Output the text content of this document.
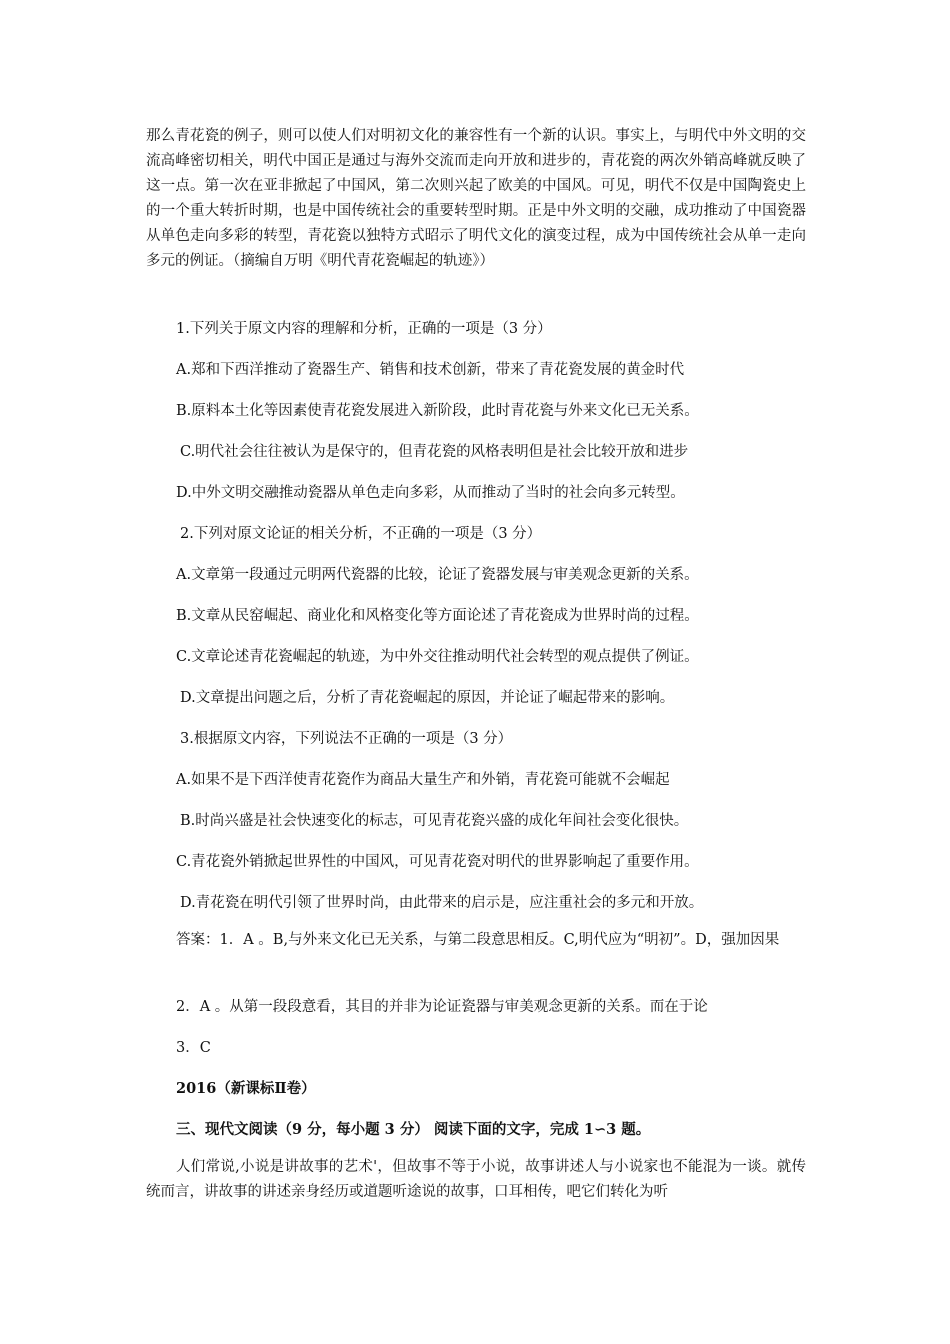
那么青花瓷的例子，则可以使人们对明初文化的兼容性有一个新的认识。事实上，与明代中外文明的交流高峰密切相关，明代中国正是通过与海外交流而走向开放和进步的，青花瓷的两次外销高峰就反映了这一点。第一次在亚非掀起了中国风，第二次则兴起了欧美的中国风。可见，明代不仅是中国陶瓷史上的一个重大转折时期，也是中国传统社会的重要转型时期。正是中外文明的交融，成功推动了中国瓷器从单色走向多彩的转型，青花瓷以独特方式昭示了明代文化的演变过程，成为中国传统社会从单一走向多元的例证。（摘编自万明《明代青花瓷崛起的轨迹》）

1.下列关于原文内容的理解和分析，正确的一项是（3 分）

A.郑和下西洋推动了瓷器生产、销售和技术创新，带来了青花瓷发展的黄金时代

B.原料本土化等因素使青花瓷发展进入新阶段，此时青花瓷与外来文化已无关系。

C.明代社会往往被认为是保守的，但青花瓷的风格表明但是社会比较开放和进步

D.中外文明交融推动瓷器从单色走向多彩，从而推动了当时的社会向多元转型。

2.下列对原文论证的相关分析，不正确的一项是（3 分）

A.文章第一段通过元明两代瓷器的比较，论证了瓷器发展与审美观念更新的关系。

B.文章从民窑崛起、商业化和风格变化等方面论述了青花瓷成为世界时尚的过程。

C.文章论述青花瓷崛起的轨迹，为中外交往推动明代社会转型的观点提供了例证。

D.文章提出问题之后，分析了青花瓷崛起的原因，并论证了崛起带来的影响。

3.根据原文内容，下列说法不正确的一项是（3 分）

A.如果不是下西洋使青花瓷作为商品大量生产和外销，青花瓷可能就不会崛起

B.时尚兴盛是社会快速变化的标志，可见青花瓷兴盛的成化年间社会变化很快。

C.青花瓷外销掀起世界性的中国风，可见青花瓷对明代的世界影响起了重要作用。

D.青花瓷在明代引领了世界时尚，由此带来的启示是，应注重社会的多元和开放。

答案：1．A 。B,与外来文化已无关系，与第二段意思相反。C,明代应为“明初”。D，强加因果

2．A 。从第一段段意看，其目的并非为论证瓷器与审美观念更新的关系。而在于论

3．C

2016（新课标Ⅱ卷）

三、现代文阅读（9 分，每小题 3 分） 阅读下面的文字，完成 1∽3 题。

人们常说,小说是讲故事的艺术'，但故事不等于小说，故事讲述人与小说家也不能混为一谈。就传统而言，讲故事的讲述亲身经历或道题听途说的故事，口耳相传，吧它们转化为听
